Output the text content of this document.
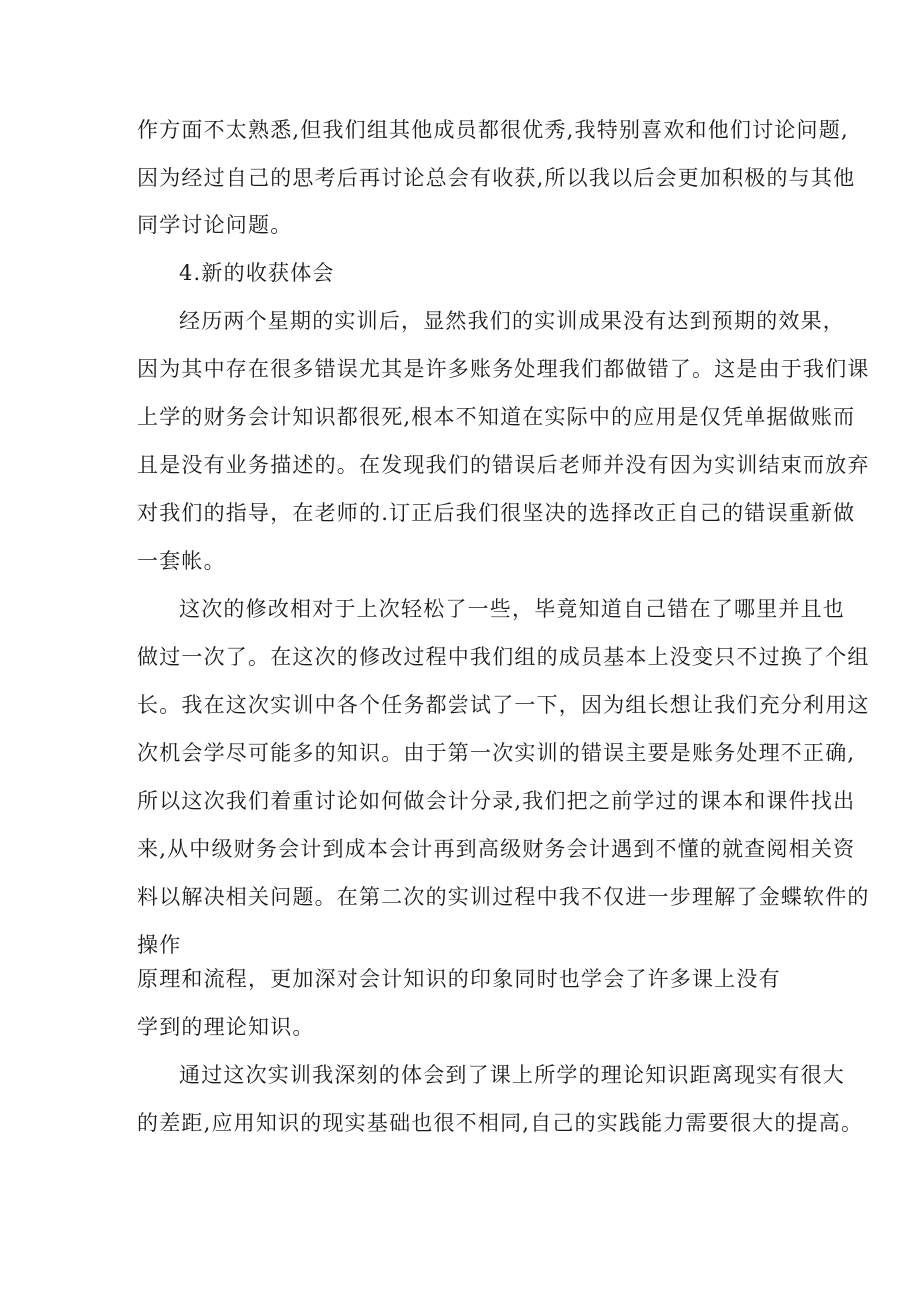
作方面不太熟悉,但我们组其他成员都很优秀,我特别喜欢和他们讨论问题,
因为经过自己的思考后再讨论总会有收获,所以我以后会更加积极的与其他
同学讨论问题。
4.新的收获体会
经历两个星期的实训后，显然我们的实训成果没有达到预期的效果，
因为其中存在很多错误尤其是许多账务处理我们都做错了。这是由于我们课
上学的财务会计知识都很死,根本不知道在实际中的应用是仅凭单据做账而
且是没有业务描述的。在发现我们的错误后老师并没有因为实训结束而放弃
对我们的指导，在老师的.订正后我们很坚决的选择改正自己的错误重新做
一套帐。
这次的修改相对于上次轻松了一些，毕竟知道自己错在了哪里并且也
做过一次了。在这次的修改过程中我们组的成员基本上没变只不过换了个组
长。我在这次实训中各个任务都尝试了一下，因为组长想让我们充分利用这
次机会学尽可能多的知识。由于第一次实训的错误主要是账务处理不正确,
所以这次我们着重讨论如何做会计分录,我们把之前学过的课本和课件找出
来,从中级财务会计到成本会计再到高级财务会计遇到不懂的就查阅相关资
料以解决相关问题。在第二次的实训过程中我不仅进一步理解了金蝶软件的
操作
原理和流程，更加深对会计知识的印象同时也学会了许多课上没有
学到的理论知识。
通过这次实训我深刻的体会到了课上所学的理论知识距离现实有很大
的差距,应用知识的现实基础也很不相同,自己的实践能力需要很大的提高。
